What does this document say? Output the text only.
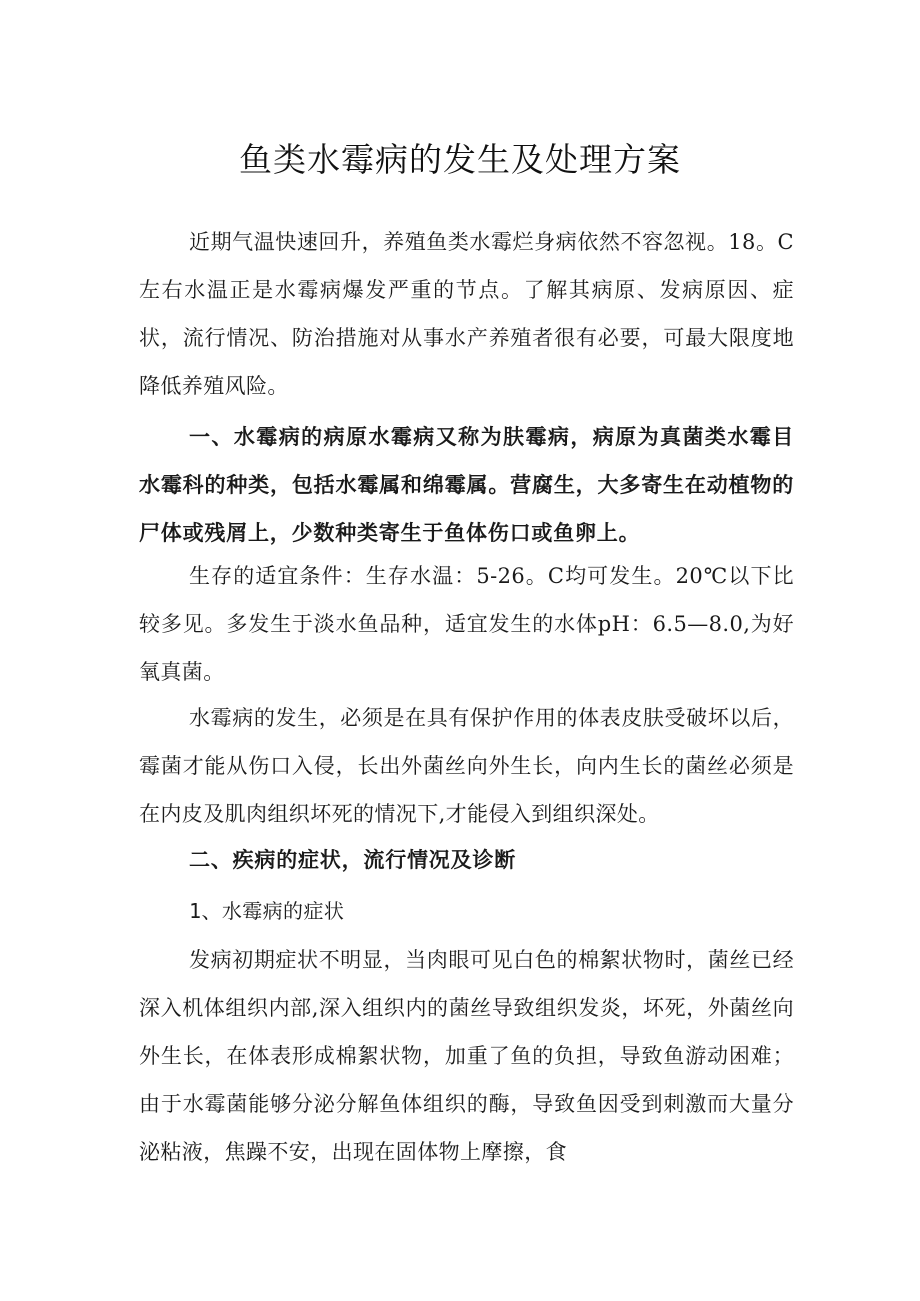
鱼类水霉病的发生及处理方案

近期气温快速回升，养殖鱼类水霉烂身病依然不容忽视。18。C左右水温正是水霉病爆发严重的节点。了解其病原、发病原因、症状，流行情况、防治措施对从事水产养殖者很有必要，可最大限度地降低养殖风险。

一、水霉病的病原水霉病又称为肤霉病，病原为真菌类水霉目水霉科的种类，包括水霉属和绵霉属。营腐生，大多寄生在动植物的尸体或残屑上，少数种类寄生于鱼体伤口或鱼卵上。

生存的适宜条件：生存水温：5-26。C均可发生。20℃以下比较多见。多发生于淡水鱼品种，适宜发生的水体pH：6.5—8.0,为好氧真菌。

水霉病的发生，必须是在具有保护作用的体表皮肤受破坏以后，霉菌才能从伤口入侵，长出外菌丝向外生长，向内生长的菌丝必须是在内皮及肌肉组织坏死的情况下,才能侵入到组织深处。

二、疾病的症状，流行情况及诊断

1、水霉病的症状

发病初期症状不明显，当肉眼可见白色的棉絮状物时，菌丝已经深入机体组织内部,深入组织内的菌丝导致组织发炎，坏死，外菌丝向外生长，在体表形成棉絮状物，加重了鱼的负担，导致鱼游动困难；由于水霉菌能够分泌分解鱼体组织的酶，导致鱼因受到刺激而大量分泌粘液，焦躁不安，出现在固体物上摩擦，食
